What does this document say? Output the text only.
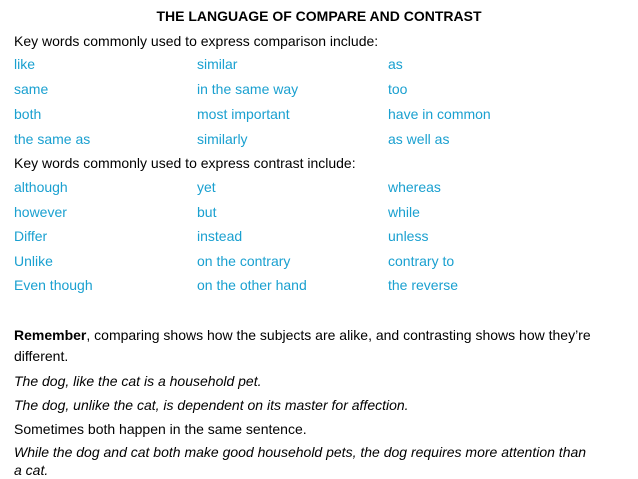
THE LANGUAGE OF COMPARE AND CONTRAST
Key words commonly used to express comparison include:
like	similar	as
same	in the same way	too
both	most important	have in common
the same as	similarly	as well as
Key words commonly used to express contrast include:
although	yet	whereas
however	but	while
Differ	instead	unless
Unlike	on the contrary	contrary to
Even though	on the other hand	the reverse
Remember, comparing shows how the subjects are alike, and contrasting shows how they’re different.
The dog, like the cat is a household pet.
The dog, unlike the cat, is dependent on its master for affection.
Sometimes both happen in the same sentence.
While the dog and cat both make good household pets, the dog requires more attention than a cat.
